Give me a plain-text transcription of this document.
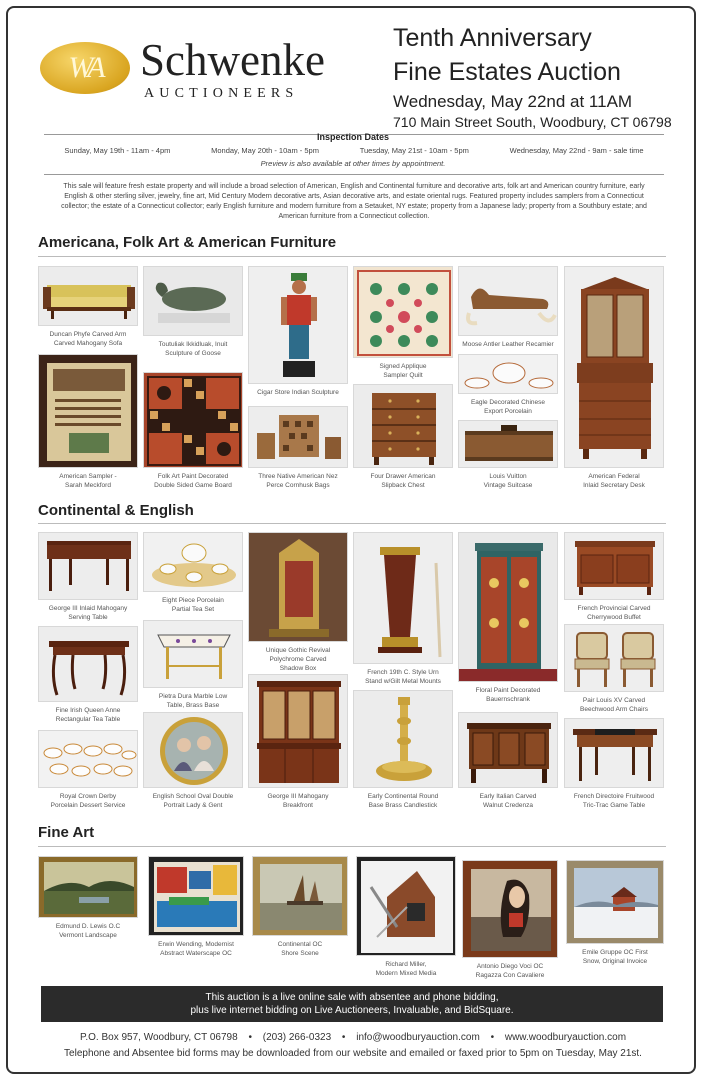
WA Schwenke
AUCTIONEERS
Tenth Anniversary
Fine Estates Auction
Wednesday, May 22nd at 11AM
710 Main Street South, Woodbury, CT 06798
Inspection Dates
Sunday, May 19th - 11am - 4pm	Monday, May 20th - 10am - 5pm	Tuesday, May 21st - 10am - 5pm	Wednesday, May 22nd - 9am - sale time
Preview is also available at other times by appointment.
This sale will feature fresh estate property and will include a broad selection of American, English and Continental furniture and decorative arts, folk art and American country furniture, early English & other sterling silver, jewelry, fine art, Mid Century Modern decorative arts, Asian decorative arts, and estate oriental rugs. Featured property includes samplers from a Connecticut collector; the estate of a Connecticut collector; early English furniture and modern furniture from a Setauket, NY estate; property from a Japanese lady; property from a Southbury estate; and American furniture from a Connecticut collection.
Americana, Folk Art & American Furniture
Duncan Phyfe Carved Arm
Carved Mahogany Sofa	Toutuliak Ikkidluak, Inuit
Sculpture of Goose
Cigar Store Indian Sculpture
Signed Applique
Sampler Quilt
Moose Antler Leather Recamier
American Federal
Inlaid Secretary Desk
American Sampler -
Sarah Meckford
Folk Art Paint Decorated
Double Sided Game Board
Three Native American Nez
Perce Cornhusk Bags
Four Drawer American
Slipback Chest
Eagle Decorated Chinese
Export Porcelain
Louis Vuitton
Vintage Suitcase
Continental & English
George III Inlaid Mahogany
Serving Table
Eight Piece Porcelain
Partial Tea Set
Unique Gothic Revival
Polychrome Carved
Shadow Box
French 19th C. Style Urn
Stand w/Gilt Metal Mounts
Floral Paint Decorated
Bauernschrank
French Provincial Carved
Cherrywood Buffet
Fine Irish Queen Anne
Rectangular Tea Table
Pietra Dura Marble Low
Table, Brass Base
Pair Louis XV Carved
Beechwood Arm Chairs
Royal Crown Derby
Porcelain Dessert Service
English School Oval Double
Portrait Lady & Gent
George III Mahogany
Breakfront
Early Continental Round
Base Brass Candlestick
Early Italian Carved
Walnut Credenza
French Directoire Fruitwood
Tric-Trac Game Table
Fine Art
Edmund D. Lewis O.C
Vermont Landscape
Erwin Wending, Modernist
Abstract Waterscape OC
Continental OC
Shore Scene
Richard Miller,
Modern Mixed Media
Antonio Diego Voci OC
Ragazza Con Cavaliere
Emile Gruppe OC First
Snow, Original Invoice
This auction is a live online sale with absentee and phone bidding,
plus live internet bidding on Live Auctioneers, Invaluable, and BidSquare.
P.O. Box 957, Woodbury, CT 06798 • (203) 266-0323 • info@woodburyauction.com • www.woodburyauction.com
Telephone and Absentee bid forms may be downloaded from our website and emailed or faxed prior to 5pm on Tuesday, May 21st.
